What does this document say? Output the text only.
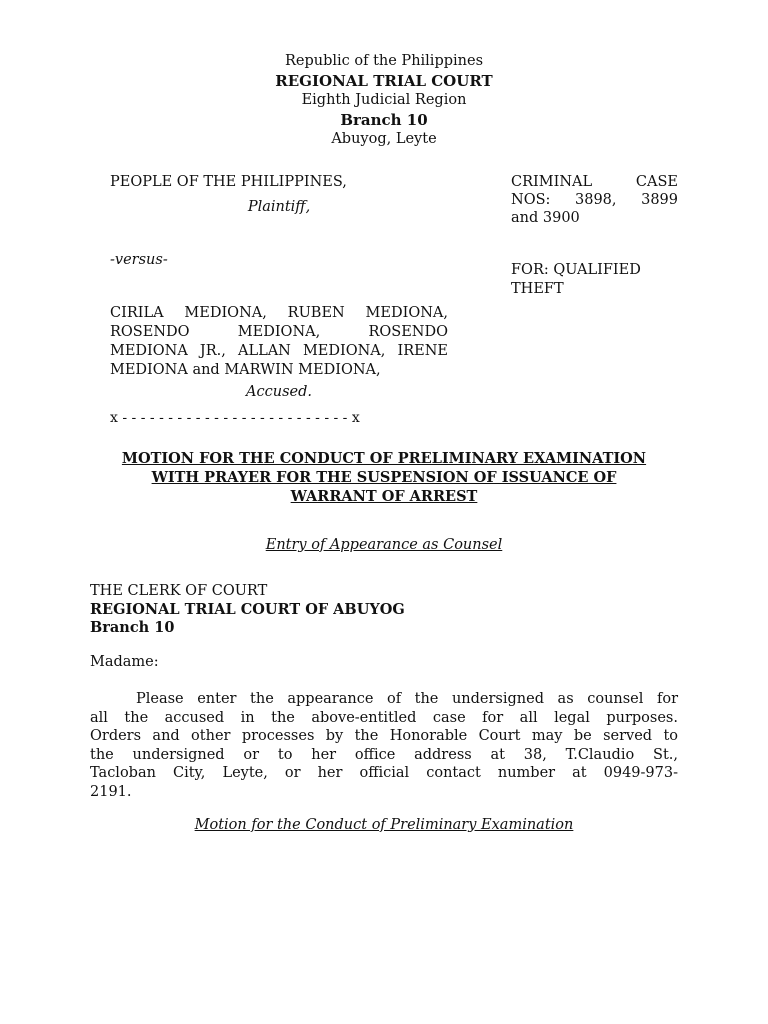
Republic of the Philippines
REGIONAL TRIAL COURT
Eighth Judicial Region
Branch 10
Abuyog, Leyte
PEOPLE OF THE PHILIPPINES,
Plaintiff,
CRIMINAL CASE
NOS: 3898, 3899
and 3900
-versus-
FOR: QUALIFIED
THEFT
CIRILA MEDIONA, RUBEN MEDIONA,
ROSENDO MEDIONA, ROSENDO
MEDIONA JR., ALLAN MEDIONA, IRENE
MEDIONA and MARWIN MEDIONA,
Accused.
x - - - - - - - - - - - - - - - - - - - - - - - - - x
MOTION FOR THE CONDUCT OF PRELIMINARY EXAMINATION
WITH PRAYER FOR THE SUSPENSION OF ISSUANCE OF
WARRANT OF ARREST
Entry of Appearance as Counsel
THE CLERK OF COURT
REGIONAL TRIAL COURT OF ABUYOG
Branch 10
Madame:
Please enter the appearance of the undersigned as counsel for
all the accused in the above-entitled case for all legal purposes.
Orders and other processes by the Honorable Court may be served to
the undersigned or to her office address at 38, T.Claudio St.,
Tacloban City, Leyte, or her official contact number at 0949-973-
2191.
Motion for the Conduct of Preliminary Examination
